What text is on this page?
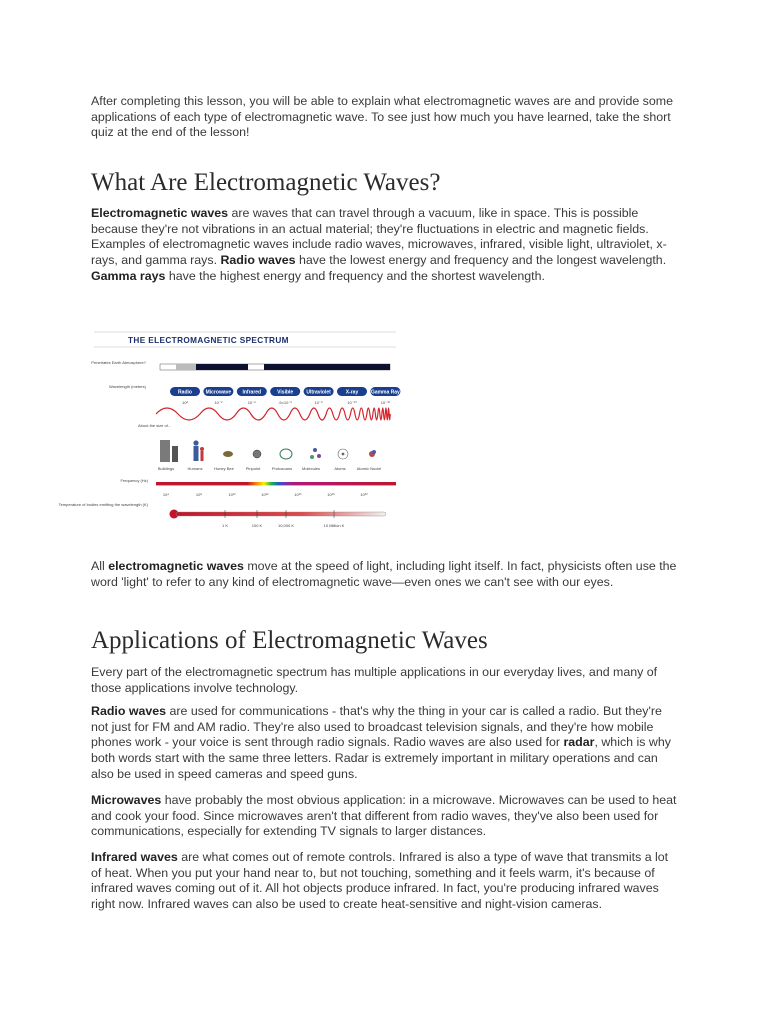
After completing this lesson, you will be able to explain what electromagnetic waves are and provide some applications of each type of electromagnetic wave. To see just how much you have learned, take the short quiz at the end of the lesson!

What Are Electromagnetic Waves?

Electromagnetic waves are waves that can travel through a vacuum, like in space. This is possible because they're not vibrations in an actual material; they're fluctuations in electric and magnetic fields. Examples of electromagnetic waves include radio waves, microwaves, infrared, visible light, ultraviolet, x-rays, and gamma rays. Radio waves have the lowest energy and frequency and the longest wavelength. Gamma rays have the highest energy and frequency and the shortest wavelength.

THE ELECTROMAGNETIC SPECTRUM
Penetrates Earth Atmosphere?
Wavelength (meters)
About the size of...
Frequency (Hz)
Temperature of bodies emitting the wavelength (K)
Radio	Microwave Infrared	Visible	Ultraviolet	X-ray	Gamma Ray
10³	10⁻²	10⁻⁵	.5×10⁻⁶	10⁻⁸	10⁻¹⁰	10⁻¹²
Buildings	Humans	Honey Bee	Pinpoint	Protozoans Molecules	Atoms	Atomic Nuclei
10⁴	10⁸	10¹²	10¹⁵	10¹⁶	10¹⁸	10²⁰
1 K	100 K	10,000 K	10 Million K

All electromagnetic waves move at the speed of light, including light itself. In fact, physicists often use the word 'light' to refer to any kind of electromagnetic wave—even ones we can't see with our eyes.

Applications of Electromagnetic Waves

Every part of the electromagnetic spectrum has multiple applications in our everyday lives, and many of those applications involve technology.

Radio waves are used for communications - that's why the thing in your car is called a radio. But they're not just for FM and AM radio. They're also used to broadcast television signals, and they're how mobile phones work - your voice is sent through radio signals. Radio waves are also used for radar, which is why both words start with the same three letters. Radar is extremely important in military operations and can also be used in speed cameras and speed guns.

Microwaves have probably the most obvious application: in a microwave. Microwaves can be used to heat and cook your food. Since microwaves aren't that different from radio waves, they've also been used for communications, especially for extending TV signals to larger distances.

Infrared waves are what comes out of remote controls. Infrared is also a type of wave that transmits a lot of heat. When you put your hand near to, but not touching, something and it feels warm, it's because of infrared waves coming out of it. All hot objects produce infrared. In fact, you're producing infrared waves right now. Infrared waves can also be used to create heat-sensitive and night-vision cameras.
